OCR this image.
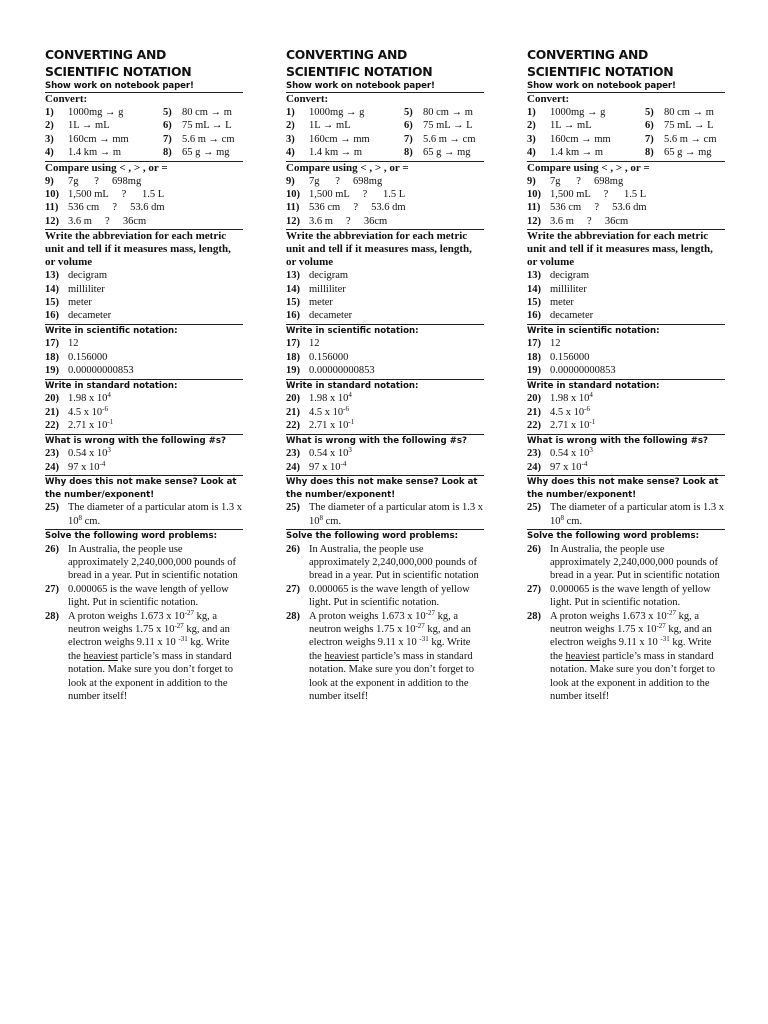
CONVERTING AND
SCIENTIFIC NOTATION
Show work on notebook paper!
Convert:
1)	1000mg → g	5) 80 cm → m
2)	1L → mL	6) 75 mL → L
3)	160cm → mm	7) 5.6 m → cm
4)	1.4 km → m	8) 65 g → mg
Compare using < , > , or =
9)	7g      ?     698mg
10) 1,500 mL     ?      1.5 L
11) 536 cm     ?     53.6 dm
12) 3.6 m     ?     36cm
Write the abbreviation for each metric unit and tell if it measures mass, length, or volume
13) decigram
14) milliliter
15) meter
16) decameter
Write in scientific notation:
17) 12
18) 0.156000
19) 0.00000000853
Write in standard notation:
20) 1.98 x $10^4$
21) 4.5 x $10^{-6}$
22) 2.71 x $10^{-1}$
What is wrong with the following #s?
23) 0.54 x $10^3$
24) 97 x $10^{-4}$
Why does this not make sense? Look at the number/exponent!
25) The diameter of a particular atom is 1.3 x $10^8$ cm.
Solve the following word problems:
26) In Australia, the people use approximately 2,240,000,000 pounds of bread in a year. Put in scientific notation
27) 0.000065 is the wave length of yellow light. Put in scientific notation.
28) A proton weighs 1.673 x $10^{-27}$ kg, a neutron weighs 1.75 x $10^{-27}$ kg, and an electron weighs 9.11 x 10 $^{-31}$ kg. Write the heaviest particle’s mass in standard notation. Make sure you don’t forget to look at the exponent in addition to the number itself!
CONVERTING AND
SCIENTIFIC NOTATION
Show work on notebook paper!
Convert:
1)	1000mg → g	5) 80 cm → m
2)	1L → mL	6) 75 mL → L
3)	160cm → mm	7) 5.6 m → cm
4)	1.4 km → m	8) 65 g → mg
Compare using < , > , or =
9)	7g      ?     698mg
10) 1,500 mL     ?      1.5 L
11) 536 cm     ?     53.6 dm
12) 3.6 m     ?     36cm
Write the abbreviation for each metric unit and tell if it measures mass, length, or volume
13) decigram
14) milliliter
15) meter
16) decameter
Write in scientific notation:
17) 12
18) 0.156000
19) 0.00000000853
Write in standard notation:
20) 1.98 x $10^4$
21) 4.5 x $10^{-6}$
22) 2.71 x $10^{-1}$
What is wrong with the following #s?
23) 0.54 x $10^3$
24) 97 x $10^{-4}$
Why does this not make sense? Look at the number/exponent!
25) The diameter of a particular atom is 1.3 x $10^8$ cm.
Solve the following word problems:
26) In Australia, the people use approximately 2,240,000,000 pounds of bread in a year. Put in scientific notation
27) 0.000065 is the wave length of yellow light. Put in scientific notation.
28) A proton weighs 1.673 x $10^{-27}$ kg, a neutron weighs 1.75 x $10^{-27}$ kg, and an electron weighs 9.11 x 10 $^{-31}$ kg. Write the heaviest particle’s mass in standard notation. Make sure you don’t forget to look at the exponent in addition to the number itself!
CONVERTING AND
SCIENTIFIC NOTATION
Show work on notebook paper!
Convert:
1)	1000mg → g	5) 80 cm → m
2)	1L → mL	6) 75 mL → L
3)	160cm → mm	7) 5.6 m → cm
4)	1.4 km → m	8) 65 g → mg
Compare using < , > , or =
9)	7g      ?     698mg
10) 1,500 mL     ?      1.5 L
11) 536 cm     ?     53.6 dm
12) 3.6 m     ?     36cm
Write the abbreviation for each metric unit and tell if it measures mass, length, or volume
13) decigram
14) milliliter
15) meter
16) decameter
Write in scientific notation:
17) 12
18) 0.156000
19) 0.00000000853
Write in standard notation:
20) 1.98 x $10^4$
21) 4.5 x $10^{-6}$
22) 2.71 x $10^{-1}$
What is wrong with the following #s?
23) 0.54 x $10^3$
24) 97 x $10^{-4}$
Why does this not make sense? Look at the number/exponent!
25) The diameter of a particular atom is 1.3 x $10^8$ cm.
Solve the following word problems:
26) In Australia, the people use approximately 2,240,000,000 pounds of bread in a year. Put in scientific notation
27) 0.000065 is the wave length of yellow light. Put in scientific notation.
28) A proton weighs 1.673 x $10^{-27}$ kg, a neutron weighs 1.75 x $10^{-27}$ kg, and an electron weighs 9.11 x 10 $^{-31}$ kg. Write the heaviest particle’s mass in standard notation. Make sure you don’t forget to look at the exponent in addition to the number itself!
